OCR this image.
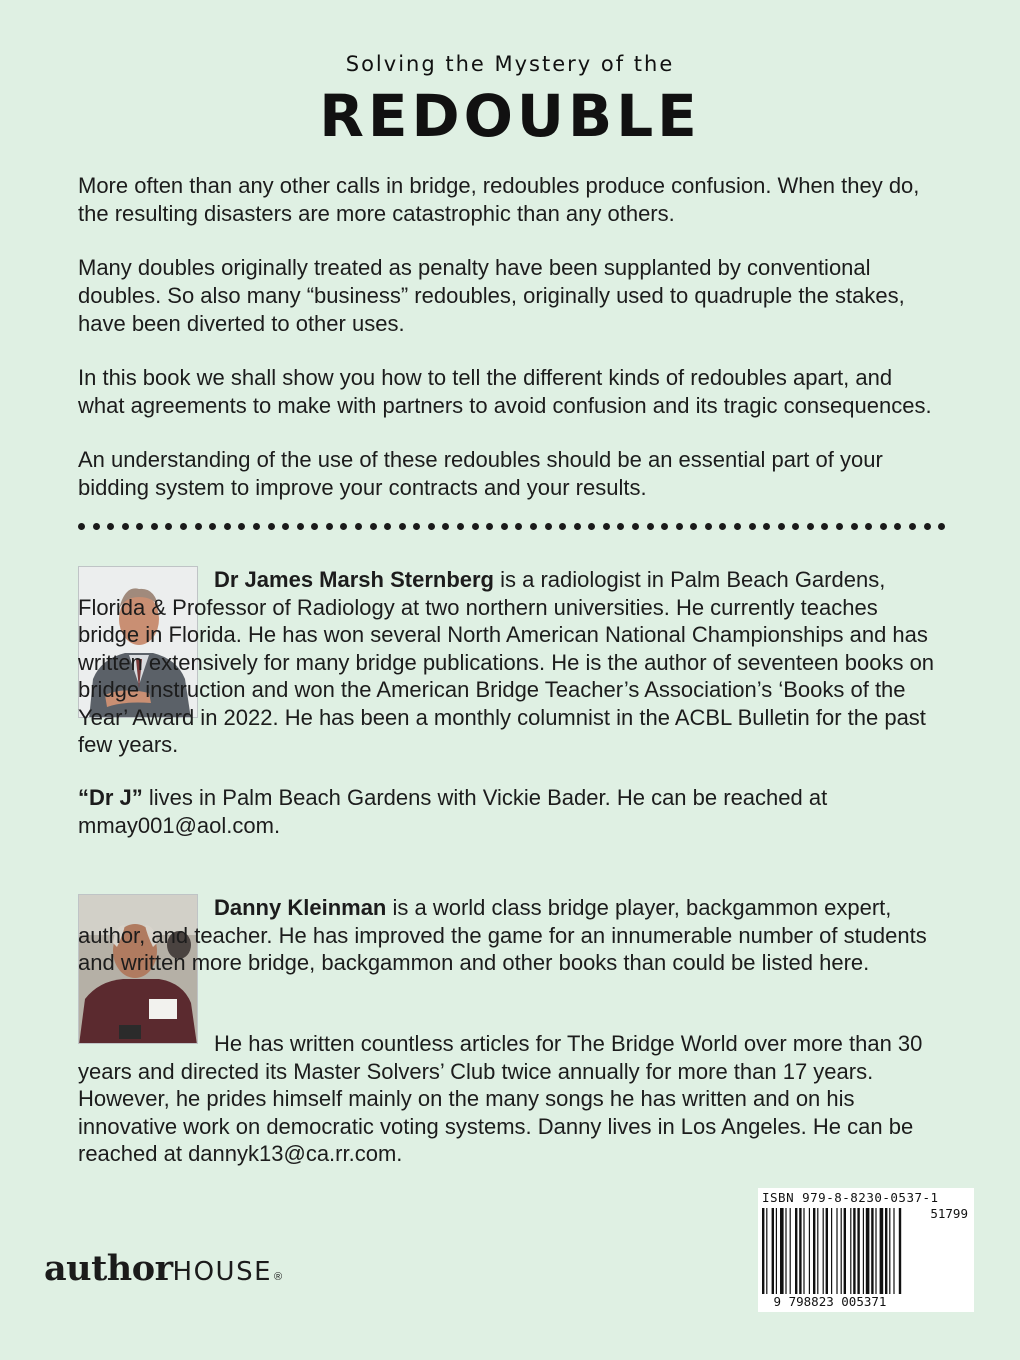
Solving the Mystery of the
REDOUBLE

More often than any other calls in bridge, redoubles produce confusion. When they do, the resulting disasters are more catastrophic than any others.

Many doubles originally treated as penalty have been supplanted by conventional doubles. So also many “business” redoubles, originally used to quadruple the stakes, have been diverted to other uses.

In this book we shall show you how to tell the different kinds of redoubles apart, and what agreements to make with partners to avoid confusion and its tragic consequences.

An understanding of the use of these redoubles should be an essential part of your bidding system to improve your contracts and your results.

Dr James Marsh Sternberg is a radiologist in Palm Beach Gardens, Florida & Professor of Radiology at two northern universities. He currently teaches bridge in Florida. He has won several North American National Championships and has written extensively for many bridge publications. He is the author of seventeen books on bridge instruction and won the American Bridge Teacher’s Association’s ‘Books of the Year’ Award in 2022. He has been a monthly columnist in the ACBL Bulletin for the past few years.

“Dr J” lives in Palm Beach Gardens with Vickie Bader. He can be reached at mmay001@aol.com.

Danny Kleinman is a world class bridge player, backgammon expert, author, and teacher. He has improved the game for an innumerable number of students and written more bridge, backgammon and other books than could be listed here.

He has written countless articles for The Bridge World over more than 30 years and directed its Master Solvers’ Club twice annually for more than 17 years. However, he prides himself mainly on the many songs he has written and on his innovative work on democratic voting systems. Danny lives in Los Angeles. He can be reached at dannyk13@ca.rr.com.

author HOUSE ®
ISBN 979-8-8230-0537-1
51799
9 798823 005371
